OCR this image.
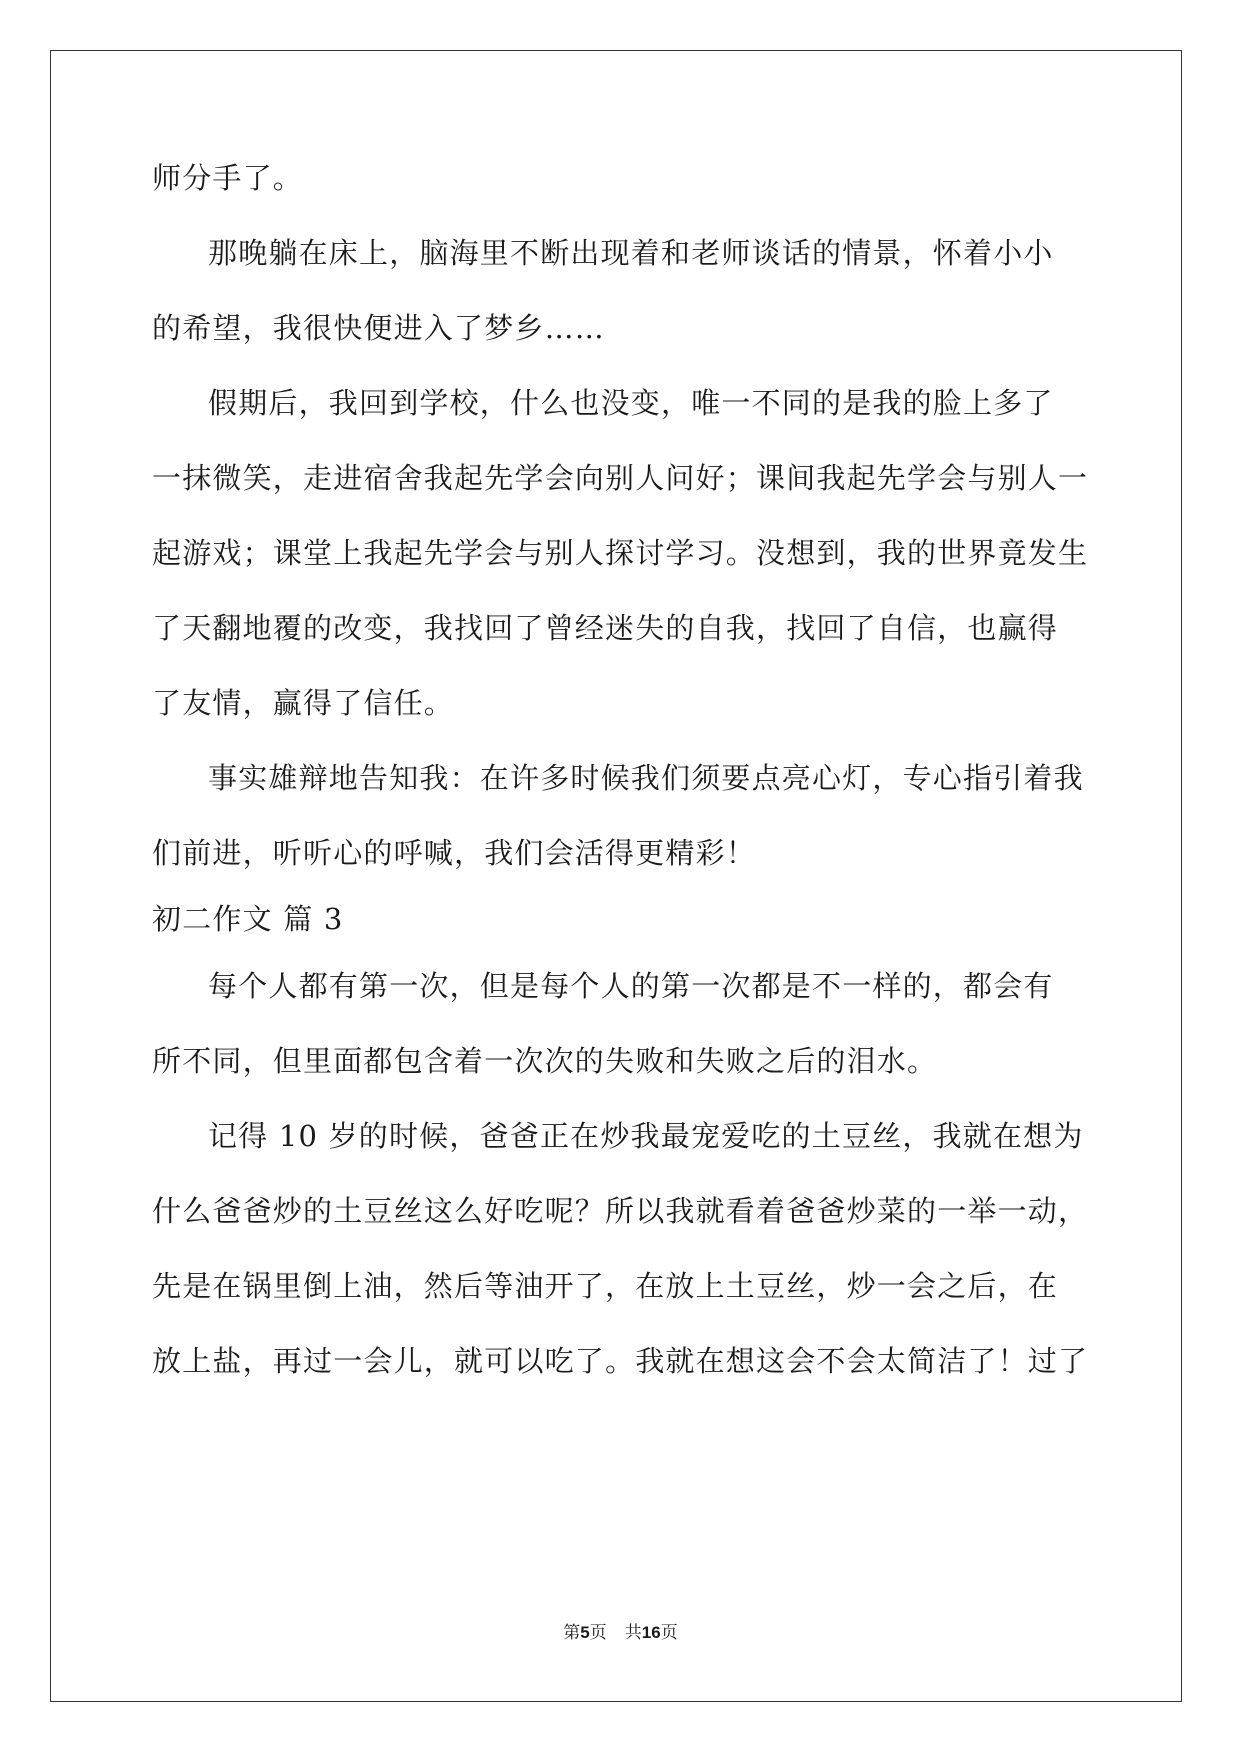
师分手了。
那晚躺在床上，脑海里不断出现着和老师谈话的情景，怀着小小
的希望，我很快便进入了梦乡……
假期后，我回到学校，什么也没变，唯一不同的是我的脸上多了
一抹微笑，走进宿舍我起先学会向别人问好；课间我起先学会与别人一
起游戏；课堂上我起先学会与别人探讨学习。没想到，我的世界竟发生
了天翻地覆的改变，我找回了曾经迷失的自我，找回了自信，也赢得
了友情，赢得了信任。
事实雄辩地告知我：在许多时候我们须要点亮心灯，专心指引着我
们前进，听听心的呼喊，我们会活得更精彩！
初二作文 篇 3
每个人都有第一次，但是每个人的第一次都是不一样的，都会有
所不同，但里面都包含着一次次的失败和失败之后的泪水。
记得 10 岁的时候，爸爸正在炒我最宠爱吃的土豆丝，我就在想为
什么爸爸炒的土豆丝这么好吃呢？所以我就看着爸爸炒菜的一举一动，
先是在锅里倒上油，然后等油开了，在放上土豆丝，炒一会之后，在
放上盐，再过一会儿，就可以吃了。我就在想这会不会太简洁了！过了
第5页 共16页
